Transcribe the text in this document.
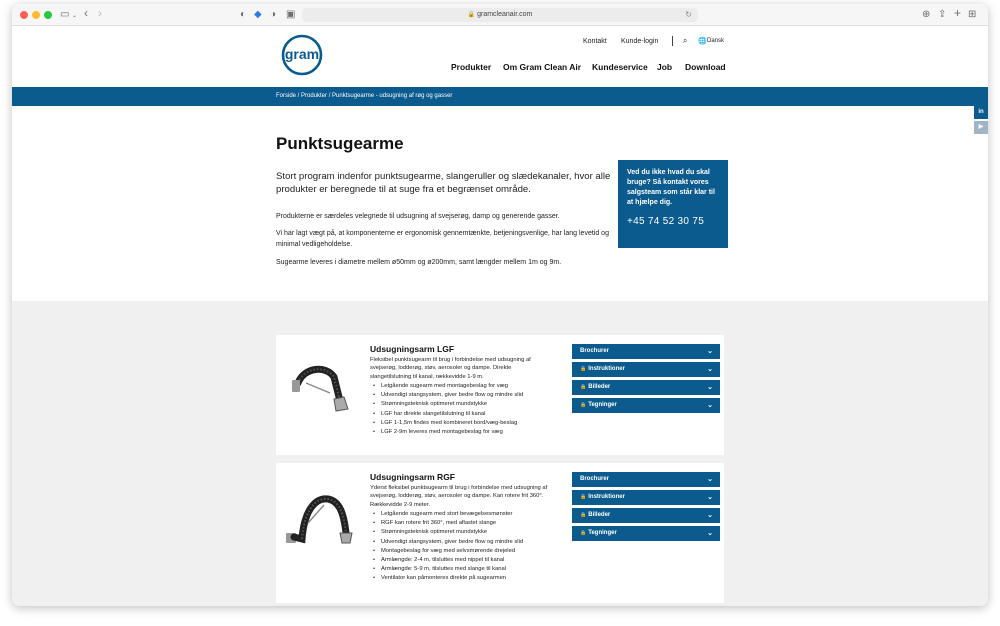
▭ ⌄ ‹ ›	◐ ◆ ◑ ▣	🔒 gramcleanair.com	↻	⊕ ⇪ + ⊞
gram
Kontakt Kunde-login	⌕ 🌐 Dansk
Produkter Om Gram Clean Air Kundeservice Job Download
Forside / Produkter / Punktsugearme - udsugning af røg og gasser
in
▶
Punktsugearme

Stort program indenfor punktsugearme, slangeruller og slædekanaler, hvor alle produkter er beregnede til at suge fra et begrænset område.

Produkterne er særdeles velegnede til udsugning af svejserøg, damp og generende gasser.

Vi har lagt vægt på, at komponenterne er ergonomisk gennemtænkte, betjeningsvenlige, har lang levetid og minimal vedligeholdelse.

Sugearme leveres i diametre mellem ø50mm og ø200mm, samt længder mellem 1m og 9m.

Ved du ikke hvad du skal bruge? Så kontakt vores salgsteam som står klar til at hjælpe dig.
+45 74 52 30 75
Udsugningsarm LGF

Fleksibel punktsugearm til brug i forbindelse med udsugning af svejserøg, lodderøg, støv, aerosoler og dampe. Direkte slangetilslutning til kanal, rækkevidde 1-9 m.

• Letgående sugearm med montagebeslag for væg
• Udvendigt stangsystem, giver bedre flow og mindre slid
• Strømningsteknisk optimeret mundstykke
• LGF har direkte slangetilslutning til kanal
• LGF 1-1,5m findes med kombineret bord/væg-beslag
• LGF 2-9m leveres med montagebeslag for væg
Brochurer	⌄
🔒 Instruktioner	⌄
🔒 Billeder	⌄
🔒 Tegninger	⌄
Udsugningsarm RGF

Yderst fleksibel punktsugearm til brug i forbindelse med udsugning af svejserøg, lodderøg, støv, aerosoler og dampe. Kan rotere frit 360°. Rækkevidde 2-9 meter.

• Letgående sugearm med stort bevægelsesmønster
• RGF kan rotere frit 360°, med aflastet slange
• Strømningsteknisk optimeret mundstykke
• Udvendigt stangsystem, giver bedre flow og mindre slid
• Montagebeslag for væg med selvsmørende drejeled
• Armlængde: 2-4 m, tilsluttes med nippel til kanal
• Armlængde: 5-9 m, tilsluttes med slange til kanal
• Ventilator kan påmonteres direkte på sugearmen
Brochurer	⌄
🔒 Instruktioner	⌄
🔒 Billeder	⌄
🔒 Tegninger	⌄
